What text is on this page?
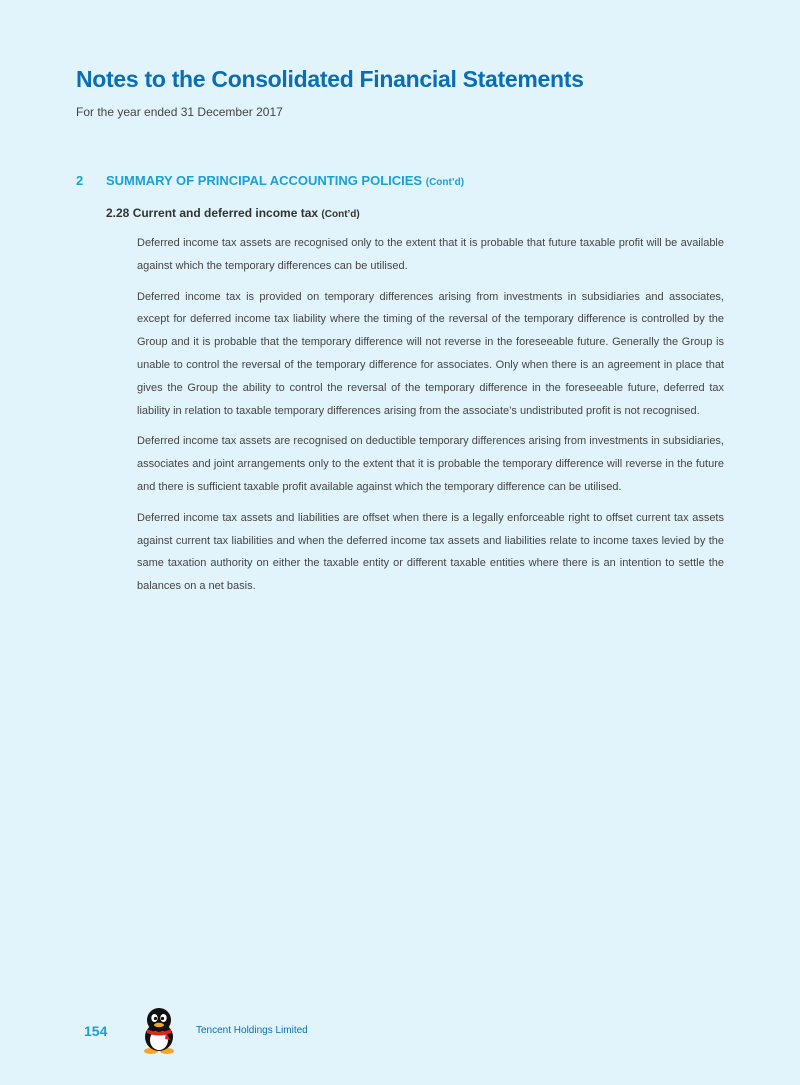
Notes to the Consolidated Financial Statements
For the year ended 31 December 2017
2 SUMMARY OF PRINCIPAL ACCOUNTING POLICIES (Cont’d)
2.28 Current and deferred income tax (Cont’d)

Deferred income tax assets are recognised only to the extent that it is probable that future taxable profit will be available against which the temporary differences can be utilised.

Deferred income tax is provided on temporary differences arising from investments in subsidiaries and associates, except for deferred income tax liability where the timing of the reversal of the temporary difference is controlled by the Group and it is probable that the temporary difference will not reverse in the foreseeable future. Generally the Group is unable to control the reversal of the temporary difference for associates. Only when there is an agreement in place that gives the Group the ability to control the reversal of the temporary difference in the foreseeable future, deferred tax liability in relation to taxable temporary differences arising from the associate’s undistributed profit is not recognised.

Deferred income tax assets are recognised on deductible temporary differences arising from investments in subsidiaries, associates and joint arrangements only to the extent that it is probable the temporary difference will reverse in the future and there is sufficient taxable profit available against which the temporary difference can be utilised.

Deferred income tax assets and liabilities are offset when there is a legally enforceable right to offset current tax assets against current tax liabilities and when the deferred income tax assets and liabilities relate to income taxes levied by the same taxation authority on either the taxable entity or different taxable entities where there is an intention to settle the balances on a net basis.

154	Tencent Holdings Limited
